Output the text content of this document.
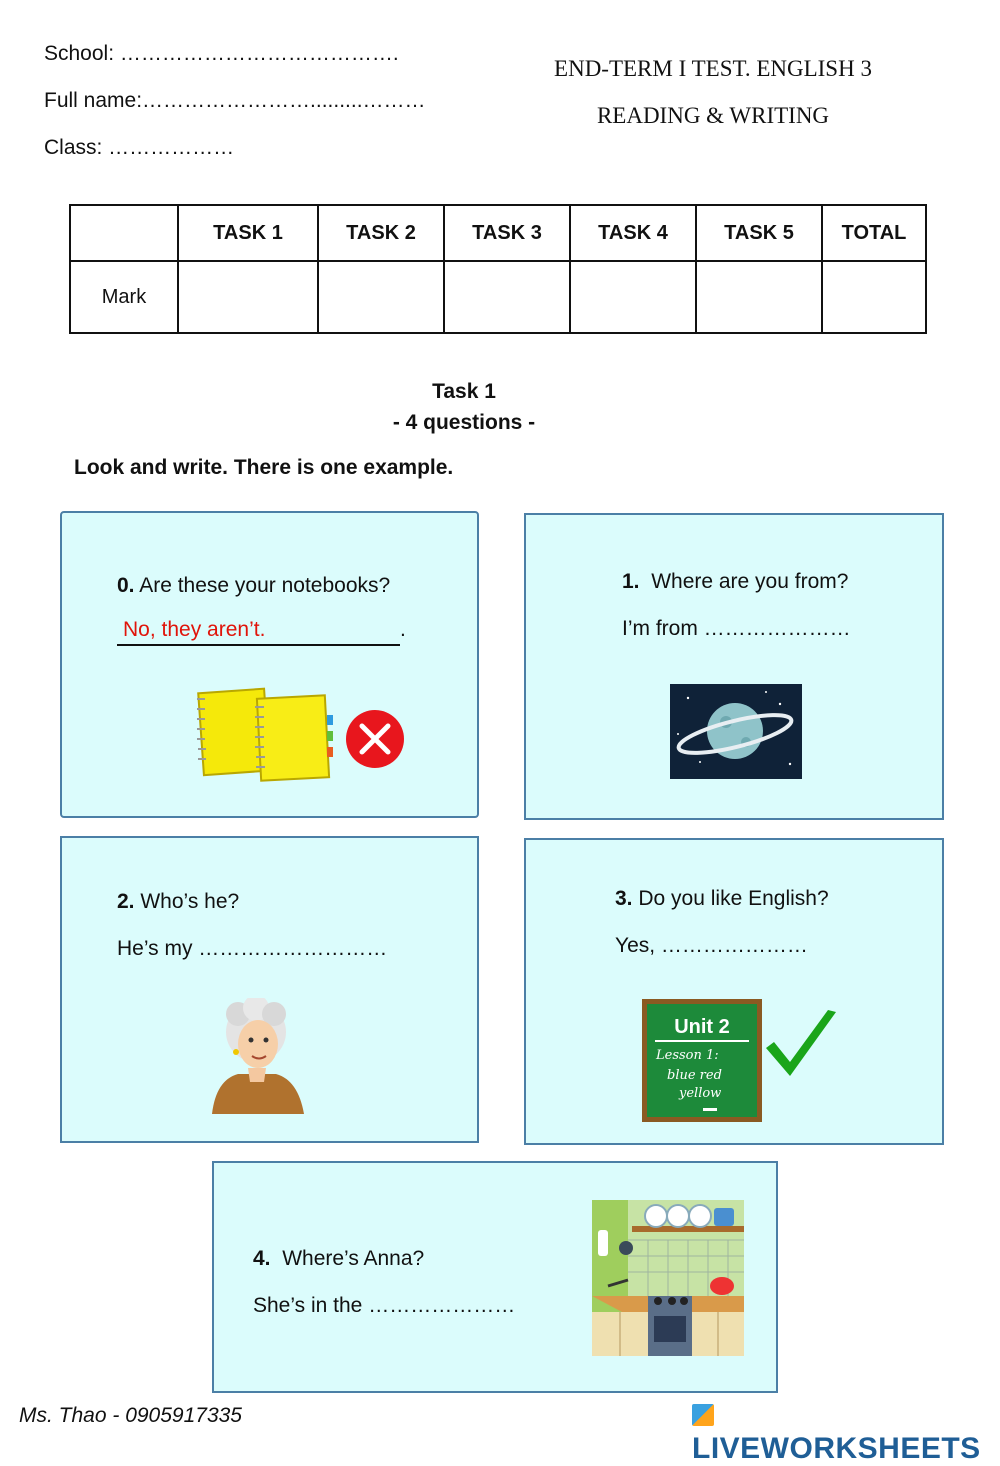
School: ………………………………….
Full name:…………………….........………
Class: ………………
END-TERM I TEST. ENGLISH 3
READING & WRITING
	TASK 1	TASK 2	TASK 3	TASK 4	TASK 5	TOTAL
Mark						
Task 1
- 4 questions -
Look and write. There is one example.
0. Are these your notebooks?
No, they aren’t.	.
1. Where are you from?
I’m from …………………
2. Who’s he?
He’s my ………………………
3. Do you like English?
Yes, …………………
Unit 2
Lesson 1:
blue red
yellow
4. Where’s Anna?
She’s in the …………………
Ms. Thao - 0905917335
LIVEWORKSHEETS
